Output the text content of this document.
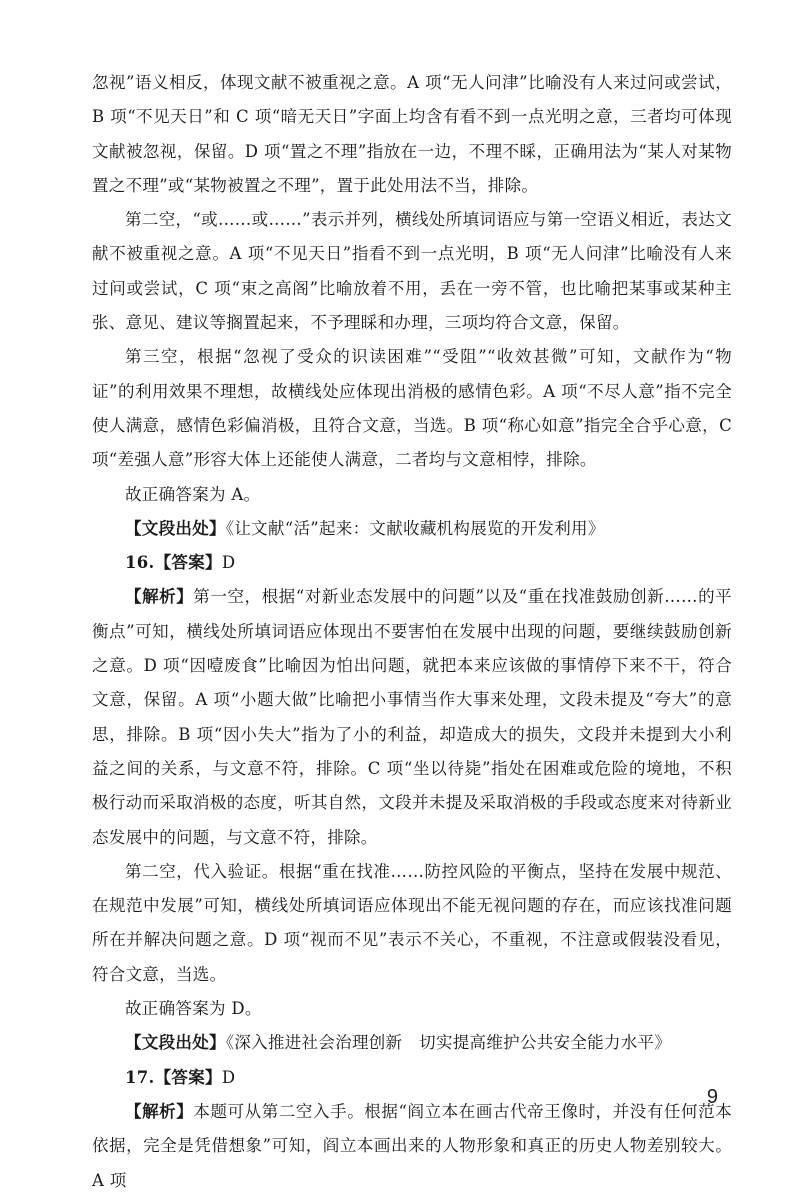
忽视”语义相反，体现文献不被重视之意。A 项“无人问津”比喻没有人来过问或尝试，B 项“不见天日”和 C 项“暗无天日”字面上均含有看不到一点光明之意，三者均可体现文献被忽视，保留。D 项“置之不理”指放在一边，不理不睬，正确用法为“某人对某物置之不理”或“某物被置之不理”，置于此处用法不当，排除。

第二空，“或……或……”表示并列，横线处所填词语应与第一空语义相近，表达文献不被重视之意。A 项“不见天日”指看不到一点光明，B 项“无人问津”比喻没有人来过问或尝试，C 项“束之高阁”比喻放着不用，丢在一旁不管，也比喻把某事或某种主张、意见、建议等搁置起来，不予理睬和办理，三项均符合文意，保留。

第三空，根据“忽视了受众的识读困难”“受阻”“收效甚微”可知，文献作为“物证”的利用效果不理想，故横线处应体现出消极的感情色彩。A 项“不尽人意”指不完全使人满意，感情色彩偏消极，且符合文意，当选。B 项“称心如意”指完全合乎心意，C 项“差强人意”形容大体上还能使人满意，二者均与文意相悖，排除。

故正确答案为 A。

【文段出处】《让文献“活”起来：文献收藏机构展览的开发利用》

16.【答案】D

【解析】第一空，根据“对新业态发展中的问题”以及“重在找准鼓励创新……的平衡点”可知，横线处所填词语应体现出不要害怕在发展中出现的问题，要继续鼓励创新之意。D 项“因噎废食”比喻因为怕出问题，就把本来应该做的事情停下来不干，符合文意，保留。A 项“小题大做”比喻把小事情当作大事来处理，文段未提及“夸大”的意思，排除。B 项“因小失大”指为了小的利益，却造成大的损失，文段并未提到大小利益之间的关系，与文意不符，排除。C 项“坐以待毙”指处在困难或危险的境地，不积极行动而采取消极的态度，听其自然，文段并未提及采取消极的手段或态度来对待新业态发展中的问题，与文意不符，排除。

第二空，代入验证。根据“重在找准……防控风险的平衡点，坚持在发展中规范、在规范中发展”可知，横线处所填词语应体现出不能无视问题的存在，而应该找准问题所在并解决问题之意。D 项“视而不见”表示不关心，不重视，不注意或假装没看见，符合文意，当选。

故正确答案为 D。

【文段出处】《深入推进社会治理创新　切实提高维护公共安全能力水平》

17.【答案】D

【解析】本题可从第二空入手。根据“阎立本在画古代帝王像时，并没有任何范本依据，完全是凭借想象”可知，阎立本画出来的人物形象和真正的历史人物差别较大。A 项

9
